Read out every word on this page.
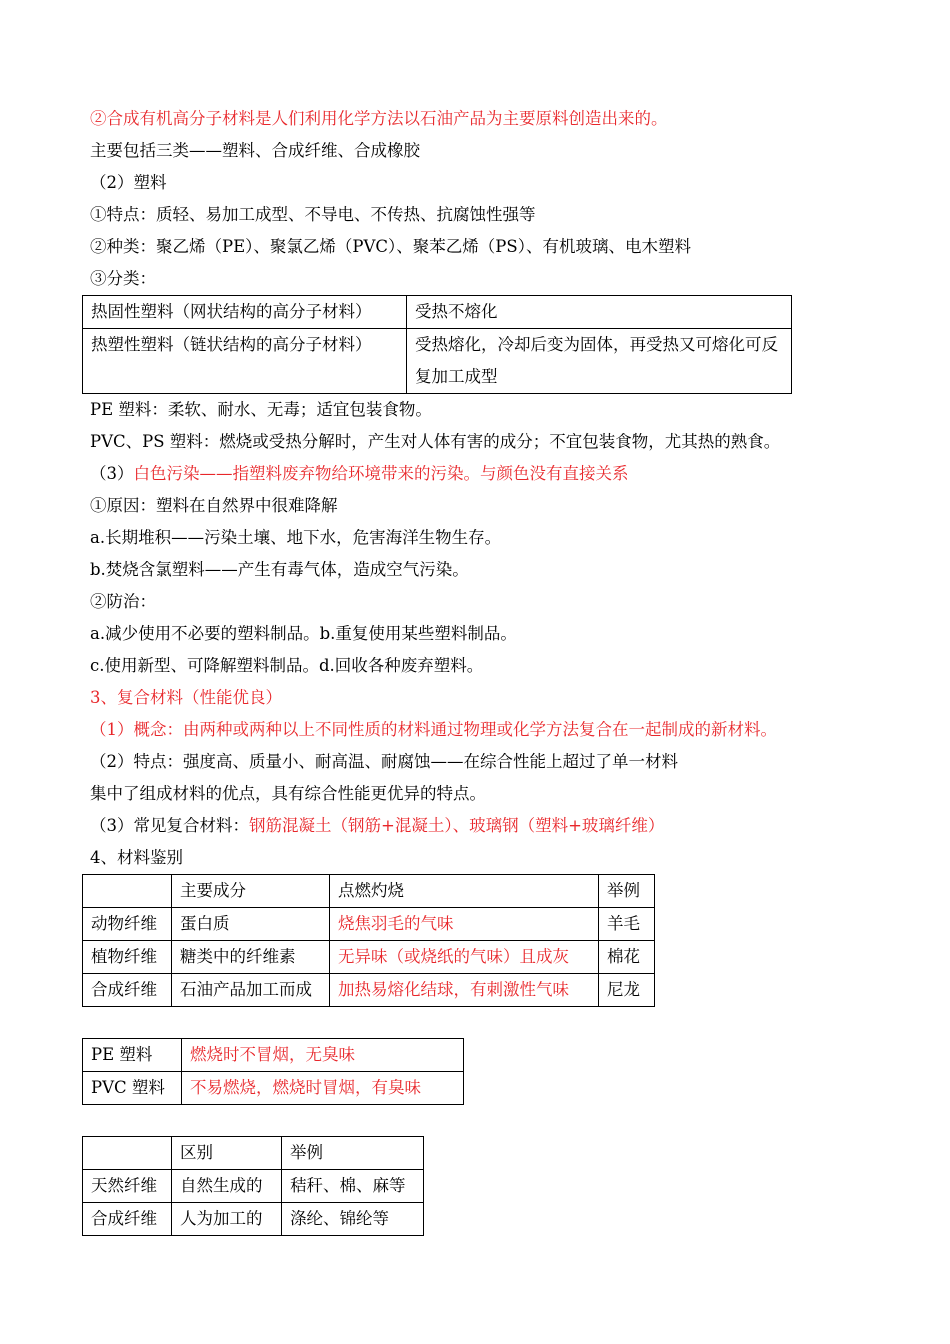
②合成有机高分子材料是人们利用化学方法以石油产品为主要原料创造出来的。
主要包括三类——塑料、合成纤维、合成橡胶
（2）塑料
①特点：质轻、易加工成型、不导电、不传热、抗腐蚀性强等
②种类：聚乙烯（PE）、聚氯乙烯（PVC）、聚苯乙烯（PS）、有机玻璃、电木塑料
③分类：
热固性塑料（网状结构的高分子材料）	受热不熔化
热塑性塑料（链状结构的高分子材料）	受热熔化，冷却后变为固体，再受热又可熔化可反复加工成型
PE 塑料：柔软、耐水、无毒；适宜包装食物。
PVC、PS 塑料：燃烧或受热分解时，产生对人体有害的成分；不宜包装食物，尤其热的熟食。
（3）白色污染——指塑料废弃物给环境带来的污染。与颜色没有直接关系
①原因：塑料在自然界中很难降解
a.长期堆积——污染土壤、地下水，危害海洋生物生存。
b.焚烧含氯塑料——产生有毒气体，造成空气污染。
②防治：
a.减少使用不必要的塑料制品。b.重复使用某些塑料制品。
c.使用新型、可降解塑料制品。d.回收各种废弃塑料。
3、复合材料（性能优良）
（1）概念：由两种或两种以上不同性质的材料通过物理或化学方法复合在一起制成的新材料。
（2）特点：强度高、质量小、耐高温、耐腐蚀——在综合性能上超过了单一材料
集中了组成材料的优点，具有综合性能更优异的特点。
（3）常见复合材料：钢筋混凝土（钢筋+混凝土）、玻璃钢（塑料+玻璃纤维）
4、材料鉴别
	主要成分	点燃灼烧	举例
动物纤维	蛋白质	烧焦羽毛的气味	羊毛
植物纤维	糖类中的纤维素	无异味（或烧纸的气味）且成灰	棉花
合成纤维	石油产品加工而成	加热易熔化结球，有刺激性气味	尼龙
PE 塑料	燃烧时不冒烟，无臭味
PVC 塑料	不易燃烧，燃烧时冒烟，有臭味
	区别	举例
天然纤维	自然生成的	秸秆、棉、麻等
合成纤维	人为加工的	涤纶、锦纶等
